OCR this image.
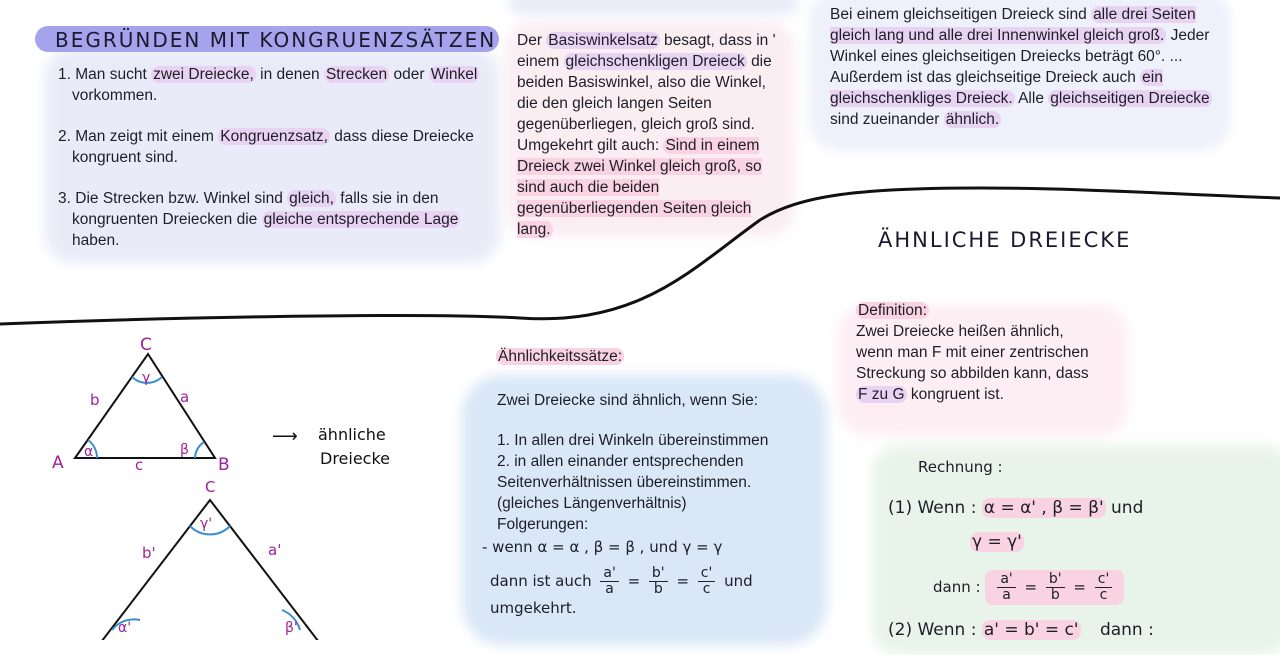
BEGRÜNDEN MIT KONGRUENZSÄTZEN
1. Man sucht zwei Dreiecke, in denen Strecken oder Winkel vorkommen.
2. Man zeigt mit einem Kongruenzsatz, dass diese Dreiecke kongruent sind.
3. Die Strecken bzw. Winkel sind gleich, falls sie in den kongruenten Dreiecken die gleiche entsprechende Lage haben.
Der Basiswinkelsatz besagt, dass in ' einem gleichschenkligen Dreieck die beiden Basiswinkel, also die Winkel, die den gleich langen Seiten gegenüberliegen, gleich groß sind. Umgekehrt gilt auch: Sind in einem Dreieck zwei Winkel gleich groß, so sind auch die beiden gegenüberliegenden Seiten gleich lang.
Bei einem gleichseitigen Dreieck sind alle drei Seiten gleich lang und alle drei Innenwinkel gleich groß. Jeder Winkel eines gleichseitigen Dreiecks beträgt 60°. ... Außerdem ist das gleichseitige Dreieck auch ein gleichschenkliges Dreieck. Alle gleichseitigen Dreiecke sind zueinander ähnlich.
ÄHNLICHE DREIECKE
Definition:
Zwei Dreiecke heißen ähnlich, wenn man F mit einer zentrischen Streckung so abbilden kann, dass F zu G kongruent ist.
A	B
C
b	a
c
α	β
γ
C
b'	a'
γ'
α'	β'
⟶ ähnliche
Dreiecke
Ähnlichkeitssätze:
Zwei Dreiecke sind ähnlich, wenn Sie:
1. In allen drei Winkeln übereinstimmen
2. in allen einander entsprechenden Seitenverhältnissen übereinstimmen. (gleiches Längenverhältnis)
Folgerungen:
- wenn α = α , β = β , und γ = γ
dann ist auch $\frac{a'}{a} = \frac{b'}{b} = \frac{c'}{c}$ und
umgekehrt.
Rechnung :
(1) Wenn : α = α' , β = β' und
γ = γ'
dann : $\frac{a'}{a} = \frac{b'}{b} = \frac{c'}{c}$
(2) Wenn : a' = b' = c' dann :
